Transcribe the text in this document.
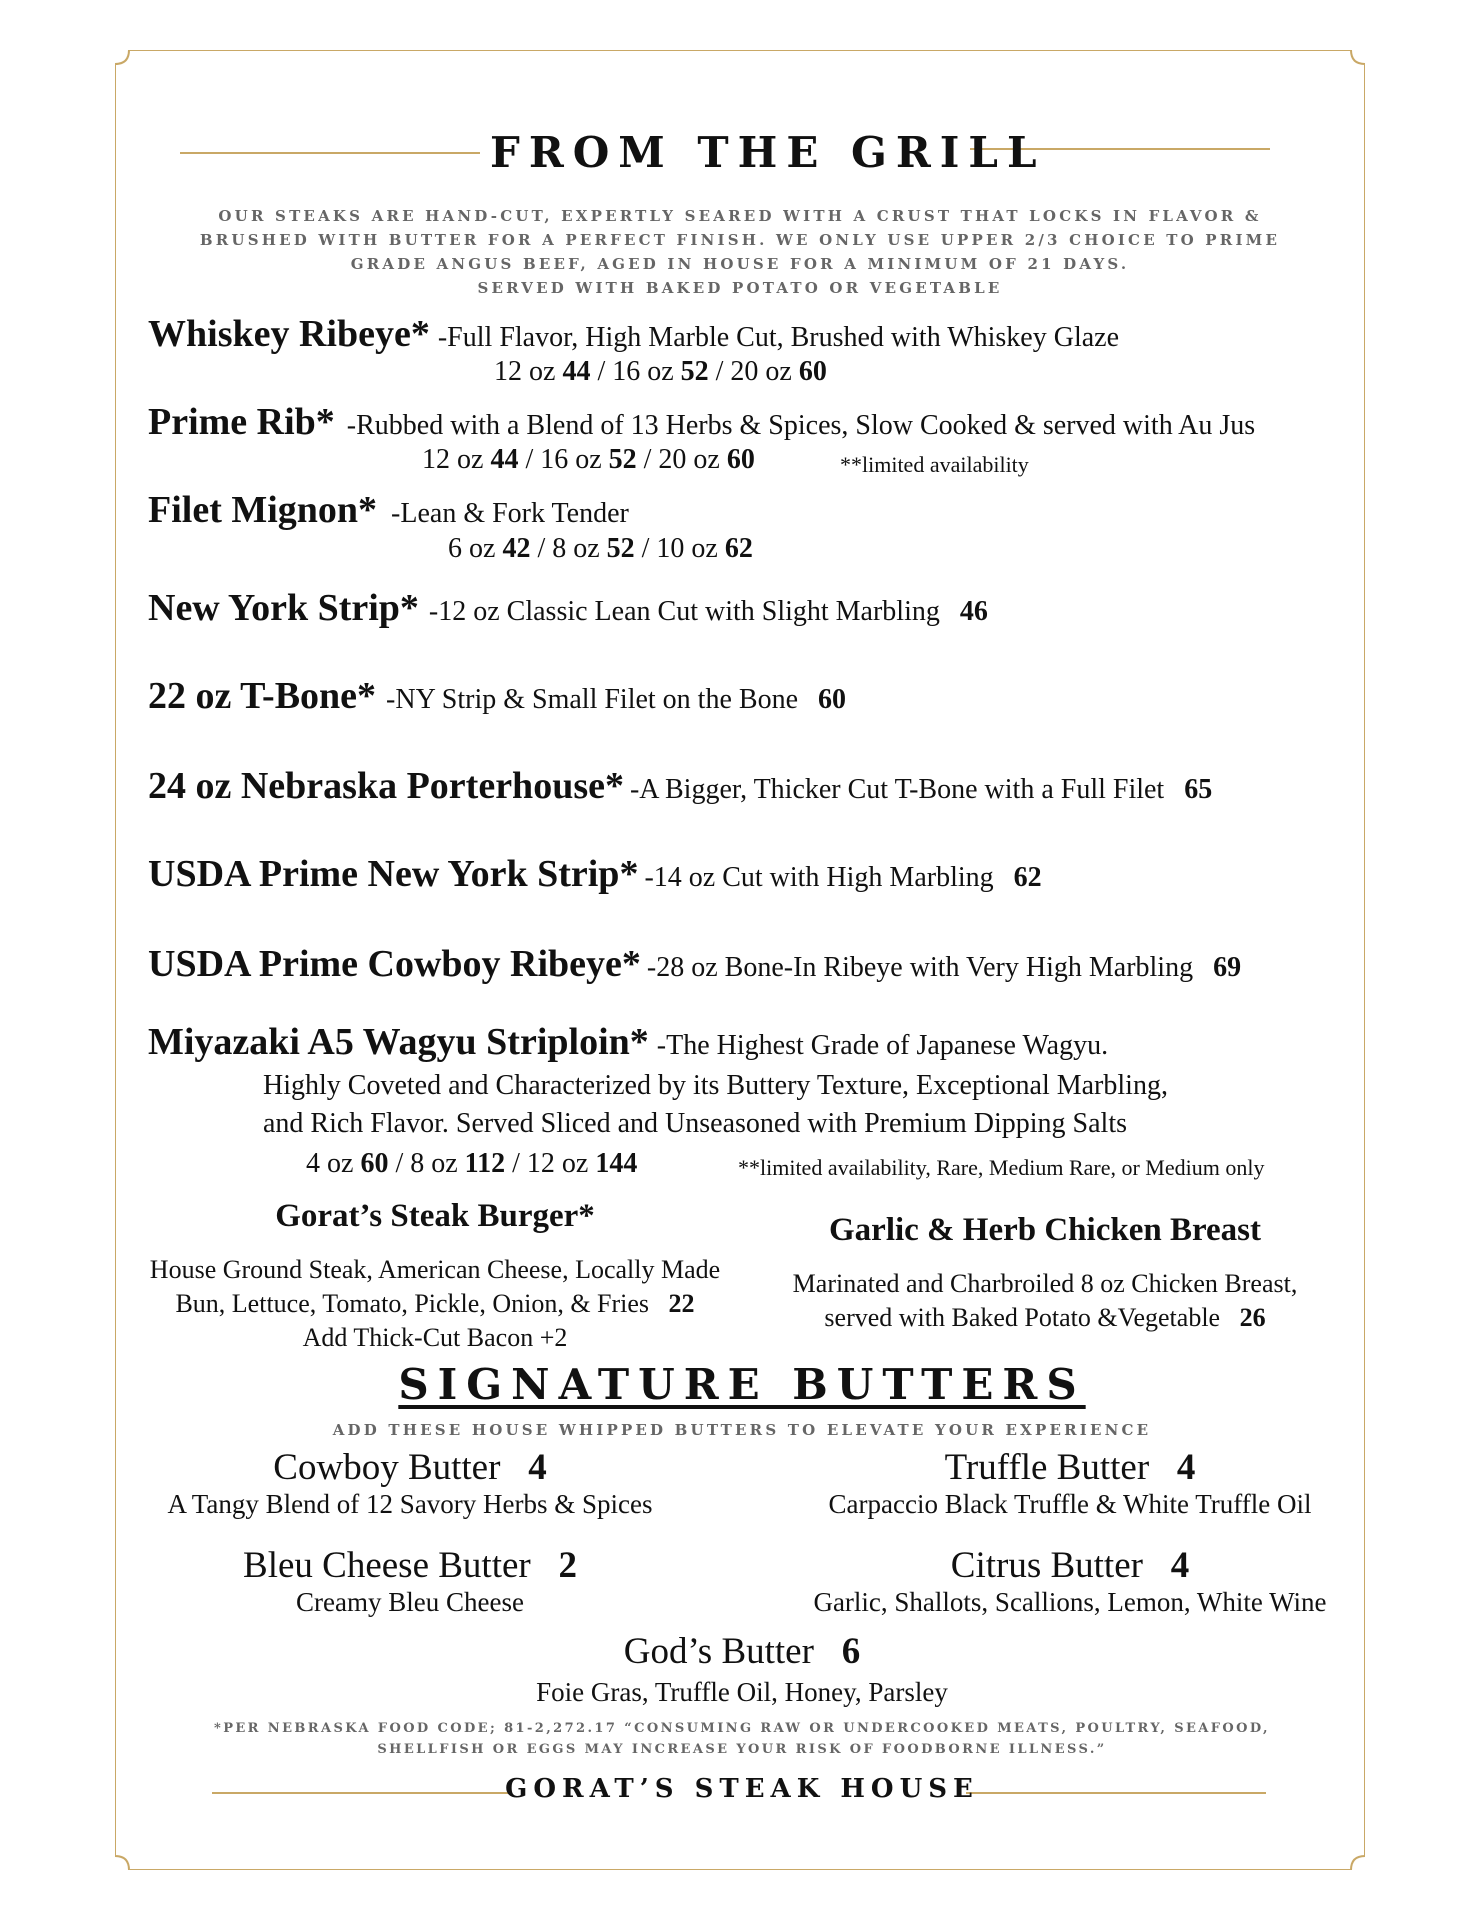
FROM THE GRILL
OUR STEAKS ARE HAND-CUT, EXPERTLY SEARED WITH A CRUST THAT LOCKS IN FLAVOR &
BRUSHED WITH BUTTER FOR A PERFECT FINISH. WE ONLY USE UPPER 2/3 CHOICE TO PRIME
GRADE ANGUS BEEF, AGED IN HOUSE FOR A MINIMUM OF 21 DAYS.
SERVED WITH BAKED POTATO OR VEGETABLE
Whiskey Ribeye* -Full Flavor, High Marble Cut, Brushed with Whiskey Glaze
12 oz 44 / 16 oz 52 / 20 oz 60
Prime Rib* -Rubbed with a Blend of 13 Herbs & Spices, Slow Cooked & served with Au Jus
12 oz 44 / 16 oz 52 / 20 oz 60	**limited availability
Filet Mignon* -Lean & Fork Tender
6 oz 42 / 8 oz 52 / 10 oz 62
New York Strip* -12 oz Classic Lean Cut with Slight Marbling 46
22 oz T-Bone* -NY Strip & Small Filet on the Bone 60
24 oz Nebraska Porterhouse* -A Bigger, Thicker Cut T-Bone with a Full Filet 65
USDA Prime New York Strip* -14 oz Cut with High Marbling 62
USDA Prime Cowboy Ribeye* -28 oz Bone-In Ribeye with Very High Marbling 69
Miyazaki A5 Wagyu Striploin* -The Highest Grade of Japanese Wagyu.
Highly Coveted and Characterized by its Buttery Texture, Exceptional Marbling,
and Rich Flavor. Served Sliced and Unseasoned with Premium Dipping Salts
4 oz 60 / 8 oz 112 / 12 oz 144	**limited availability, Rare, Medium Rare, or Medium only
Gorat’s Steak Burger*
House Ground Steak, American Cheese, Locally Made
Bun, Lettuce, Tomato, Pickle, Onion, & Fries 22
Add Thick-Cut Bacon +2
Garlic & Herb Chicken Breast
Marinated and Charbroiled 8 oz Chicken Breast,
served with Baked Potato &Vegetable 26
SIGNATURE BUTTERS
ADD THESE HOUSE WHIPPED BUTTERS TO ELEVATE YOUR EXPERIENCE
Cowboy Butter 4
A Tangy Blend of 12 Savory Herbs & Spices
Truffle Butter 4
Carpaccio Black Truffle & White Truffle Oil
Bleu Cheese Butter 2
Creamy Bleu Cheese
Citrus Butter 4
Garlic, Shallots, Scallions, Lemon, White Wine
God’s Butter 6
Foie Gras, Truffle Oil, Honey, Parsley
*PER NEBRASKA FOOD CODE; 81-2,272.17 “CONSUMING RAW OR UNDERCOOKED MEATS, POULTRY, SEAFOOD,
SHELLFISH OR EGGS MAY INCREASE YOUR RISK OF FOODBORNE ILLNESS.”
GORAT’S STEAK HOUSE
